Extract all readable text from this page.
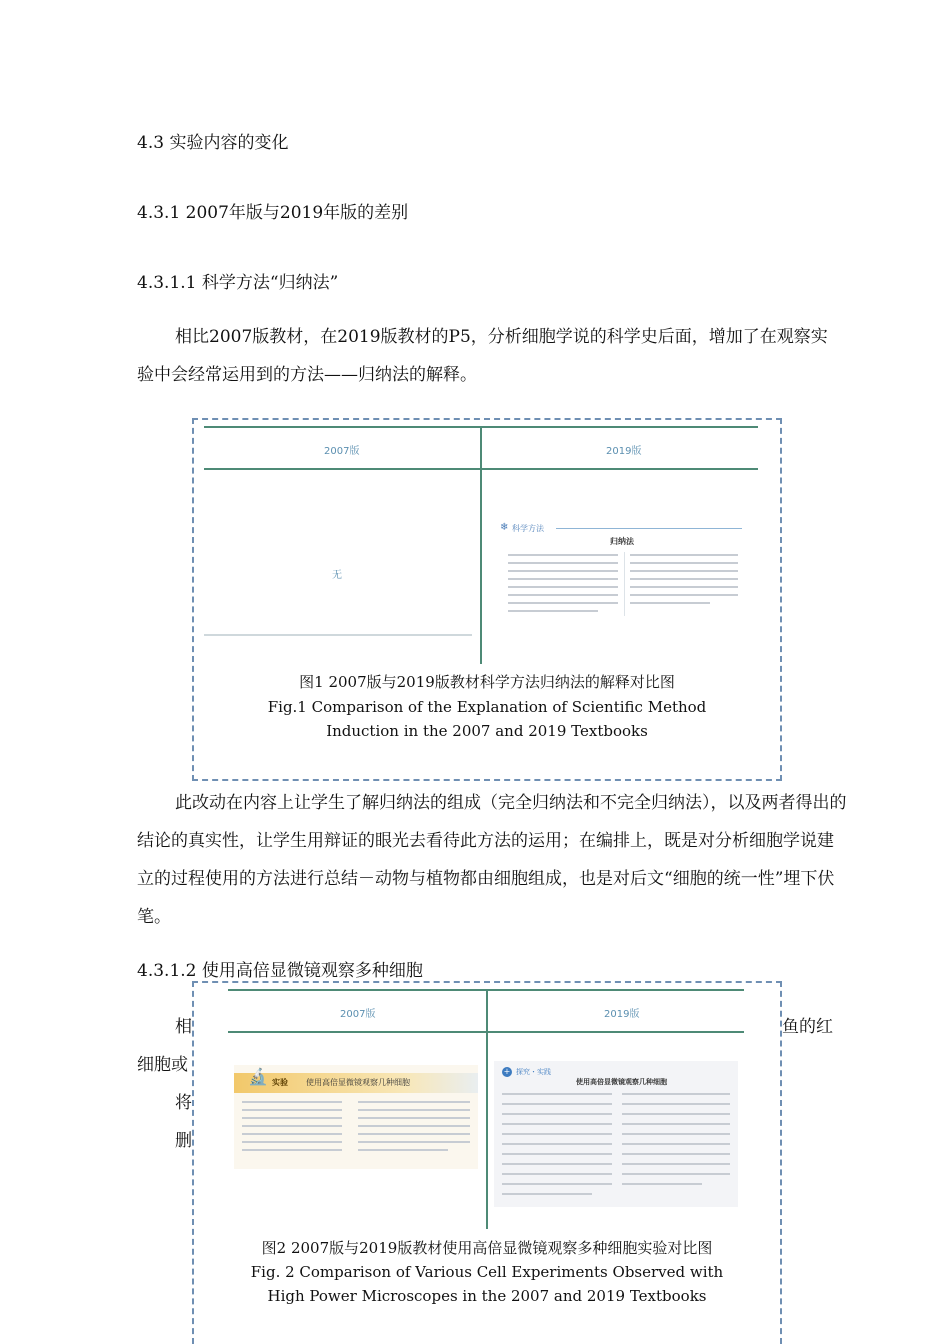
4.3 实验内容的变化
4.3.1 2007年版与2019年版的差别
4.3.1.1 科学方法“归纳法”
相比2007版教材，在2019版教材的P5，分析细胞学说的科学史后面，增加了在观察实验中会经常运用到的方法——归纳法的解释。
2007版	2019版
无
❄ 科学方法
归纳法
图1 2007版与2019版教材科学方法归纳法的解释对比图
Fig.1 Comparison of the Explanation of Scientific Method
Induction in the 2007 and 2019 Textbooks
此改动在内容上让学生了解归纳法的组成（完全归纳法和不完全归纳法），以及两者得出的结论的真实性，让学生用辩证的眼光去看待此方法的运用；在编排上，既是对分析细胞学说建立的过程使用的方法进行总结－动物与植物都由细胞组成，也是对后文“细胞的统一性”埋下伏笔。
4.3.1.2 使用高倍显微镜观察多种细胞
相
细胞或
将
删
鱼的红
2007版	2019版
🔬 实验 使用高倍显微镜观察几种细胞
+ 探究・实践
使用高倍显微镜观察几种细胞
图2 2007版与2019版教材使用高倍显微镜观察多种细胞实验对比图
Fig. 2 Comparison of Various Cell Experiments Observed with
High Power Microscopes in the 2007 and 2019 Textbooks
